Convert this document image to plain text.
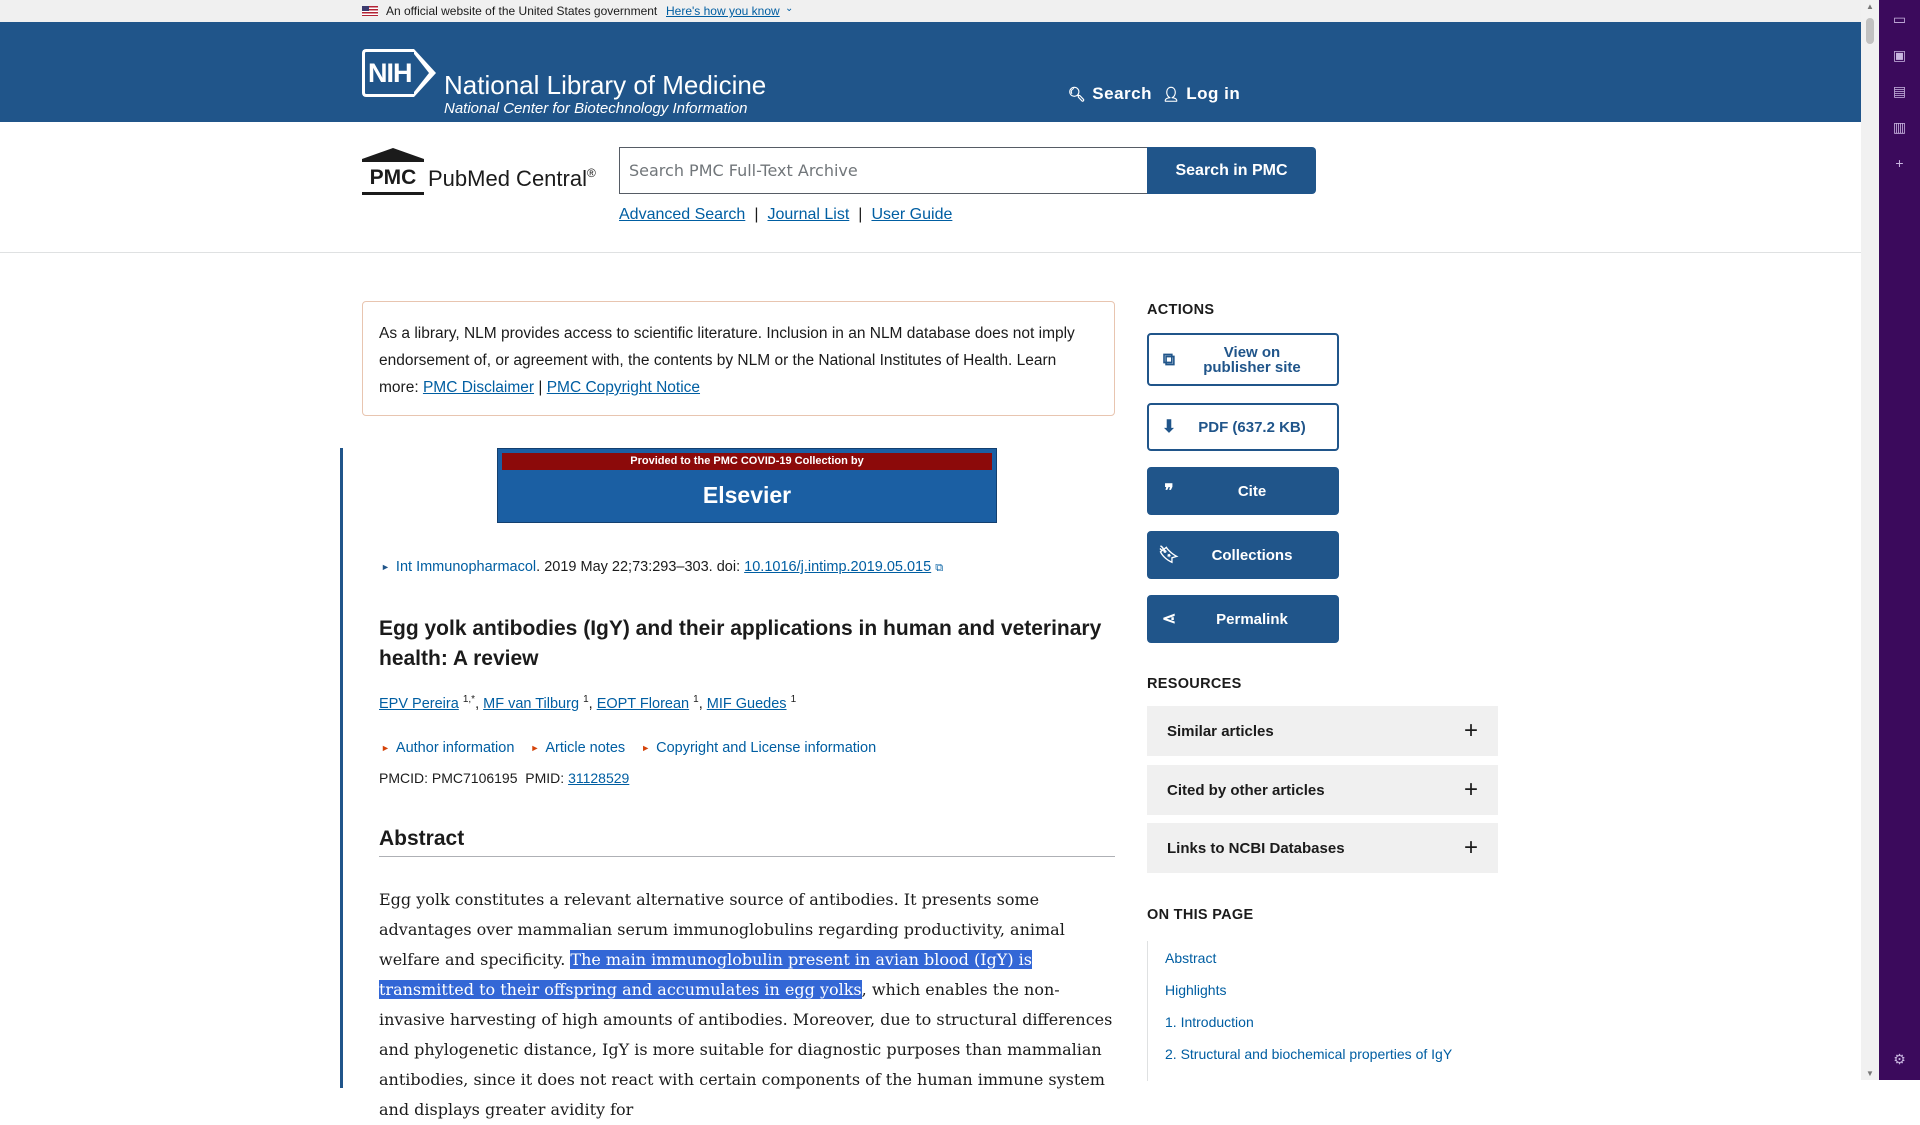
An official website of the United States government Here's how you know ⌄
NIH National Library of Medicine
National Center for Biotechnology Information
🔍︎ Search 👤︎ Log in
PMC PubMed Central®	Search PMC Full-Text Archive	Search in PMC
Advanced Search | Journal List | User Guide
As a library, NLM provides access to scientific literature. Inclusion in an NLM database does not imply endorsement of, or agreement with, the contents by NLM or the National Institutes of Health. Learn more: PMC Disclaimer | PMC Copyright Notice
Provided to the PMC COVID-19 Collection by
Elsevier
► Int Immunopharmacol. 2019 May 22;73:293–303. doi: 10.1016/j.intimp.2019.05.015 ⧉
Egg yolk antibodies (IgY) and their applications in human and veterinary health: A review
EPV Pereira $^{1,*}$, MF van Tilburg $^1$, EOPT Florean $^1$, MIF Guedes $^1$
► Author information ► Article notes ► Copyright and License information
PMCID: PMC7106195 PMID: 31128529
Abstract

Egg yolk constitutes a relevant alternative source of antibodies. It presents some advantages over mammalian serum immunoglobulins regarding productivity, animal welfare and specificity. The main immunoglobulin present in avian blood (IgY) is transmitted to their offspring and accumulates in egg yolks, which enables the non-invasive harvesting of high amounts of antibodies. Moreover, due to structural differences and phylogenetic distance, IgY is more suitable for diagnostic purposes than mammalian antibodies, since it does not react with certain components of the human immune system and displays greater avidity for

ACTIONS
⧉	View on publisher site
⬇	PDF (637.2 KB)
❞	Cite
🔖︎	Collections
⋖	Permalink
RESOURCES
Similar articles	+
Cited by other articles	+
Links to NCBI Databases	+
ON THIS PAGE
Abstract
Highlights
1. Introduction
2. Structural and biochemical properties of IgY
▲
▼
▭
▣
▤
▥
+
⚙
